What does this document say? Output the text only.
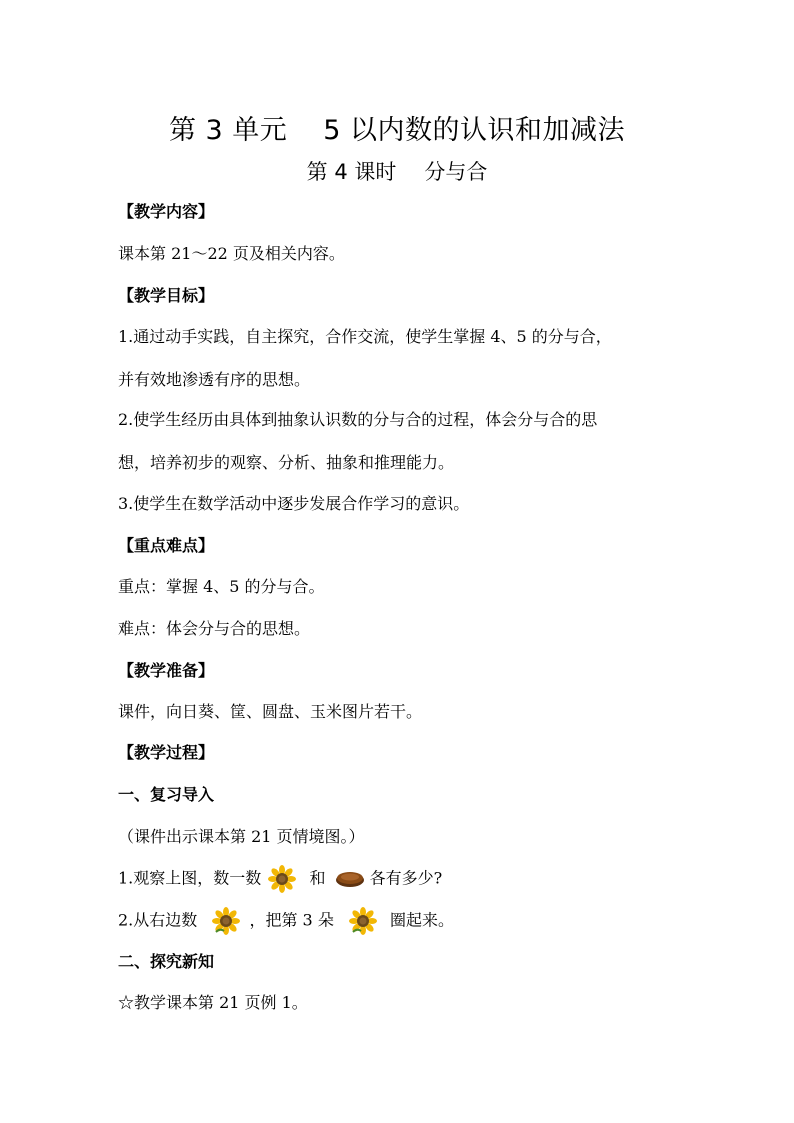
第 3 单元 5 以内数的认识和加减法
第 4 课时 分与合
【教学内容】
课本第 21～22 页及相关内容。
【教学目标】
1.通过动手实践，自主探究，合作交流，使学生掌握 4、5 的分与合，
并有效地渗透有序的思想。
2.使学生经历由具体到抽象认识数的分与合的过程，体会分与合的思
想，培养初步的观察、分析、抽象和推理能力。
3.使学生在数学活动中逐步发展合作学习的意识。
【重点难点】
重点：掌握 4、5 的分与合。
难点：体会分与合的思想。
【教学准备】
课件，向日葵、筐、圆盘、玉米图片若干。
【教学过程】
一、复习导入
（课件出示课本第 21 页情境图。）
1.观察上图，数一数	和	各有多少?
2.从右边数	，把第 3 朵	圈起来。
二、探究新知
☆教学课本第 21 页例 1。
